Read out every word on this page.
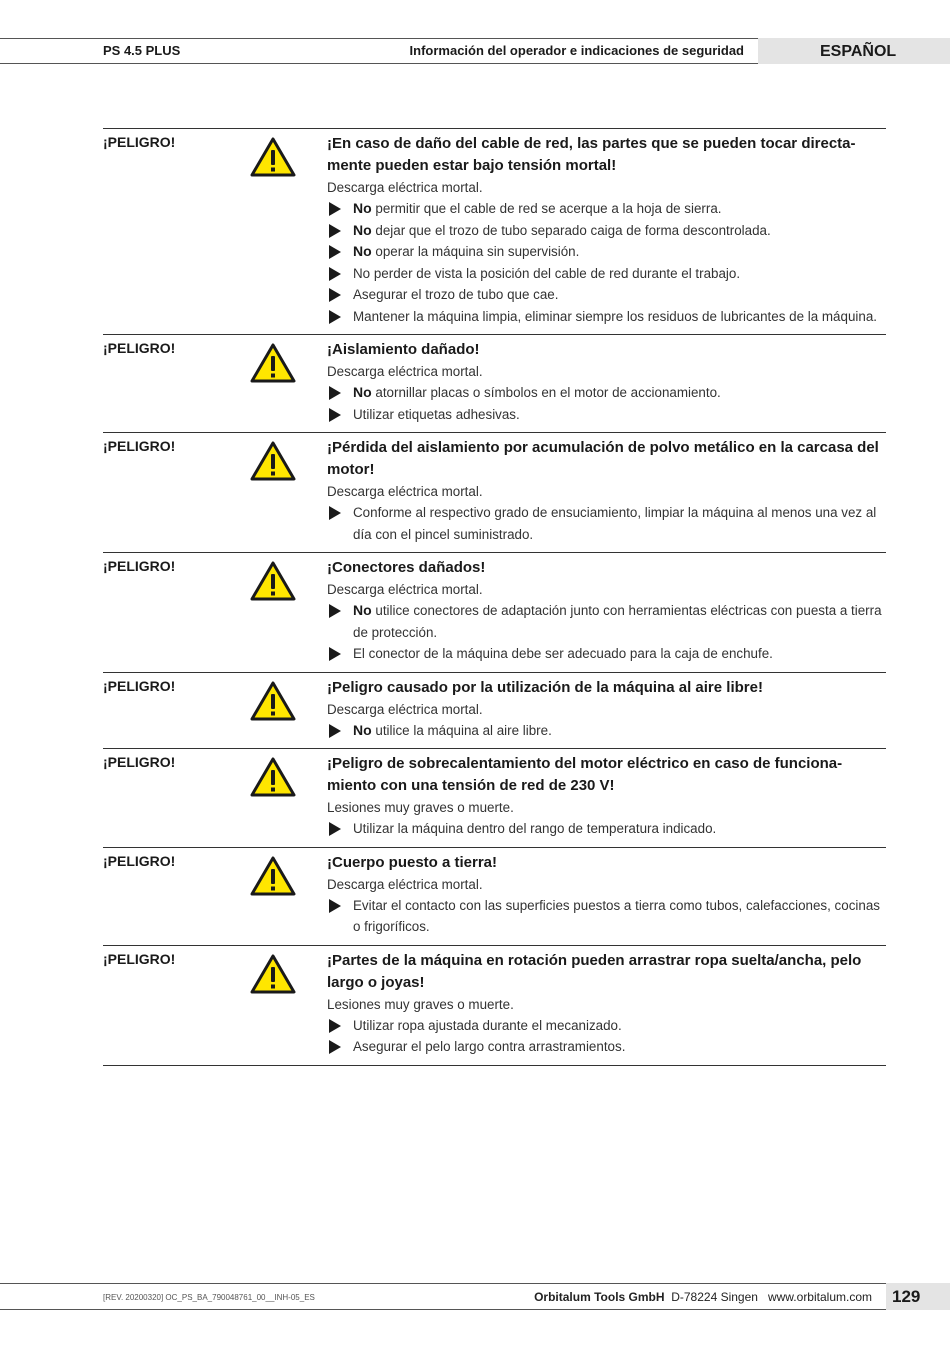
PS 4.5 PLUS	Información del operador e indicaciones de seguridad	ESPAÑOL
¡PELIGRO!	¡En caso de daño del cable de red, las partes que se pueden tocar directa-mente pueden estar bajo tensión mortal!
Descarga eléctrica mortal.
No permitir que el cable de red se acerque a la hoja de sierra.
No dejar que el trozo de tubo separado caiga de forma descontrolada.
No operar la máquina sin supervisión.
No perder de vista la posición del cable de red durante el trabajo.
Asegurar el trozo de tubo que cae.
Mantener la máquina limpia, eliminar siempre los residuos de lubricantes de la máquina.
¡PELIGRO!	¡Aislamiento dañado!
Descarga eléctrica mortal.
No atornillar placas o símbolos en el motor de accionamiento.
Utilizar etiquetas adhesivas.
¡PELIGRO!	¡Pérdida del aislamiento por acumulación de polvo metálico en la carcasa del motor!
Descarga eléctrica mortal.
Conforme al respectivo grado de ensuciamiento, limpiar la máquina al menos una vez al día con el pincel suministrado.
¡PELIGRO!	¡Conectores dañados!
Descarga eléctrica mortal.
No utilice conectores de adaptación junto con herramientas eléctricas con puesta a tierra de protección.
El conector de la máquina debe ser adecuado para la caja de enchufe.
¡PELIGRO!	¡Peligro causado por la utilización de la máquina al aire libre!
Descarga eléctrica mortal.
No utilice la máquina al aire libre.
¡PELIGRO!	¡Peligro de sobrecalentamiento del motor eléctrico en caso de funciona-miento con una tensión de red de 230 V!
Lesiones muy graves o muerte.
Utilizar la máquina dentro del rango de temperatura indicado.
¡PELIGRO!	¡Cuerpo puesto a tierra!
Descarga eléctrica mortal.
Evitar el contacto con las superficies puestos a tierra como tubos, calefacciones, cocinas o frigoríficos.
¡PELIGRO!	¡Partes de la máquina en rotación pueden arrastrar ropa suelta/ancha, pelo largo o joyas!
Lesiones muy graves o muerte.
Utilizar ropa ajustada durante el mecanizado.
Asegurar el pelo largo contra arrastramientos.
[REV. 20200320] OC_PS_BA_790048761_00__INH-05_ES	Orbitalum Tools GmbH D-78224 Singen www.orbitalum.com	129
